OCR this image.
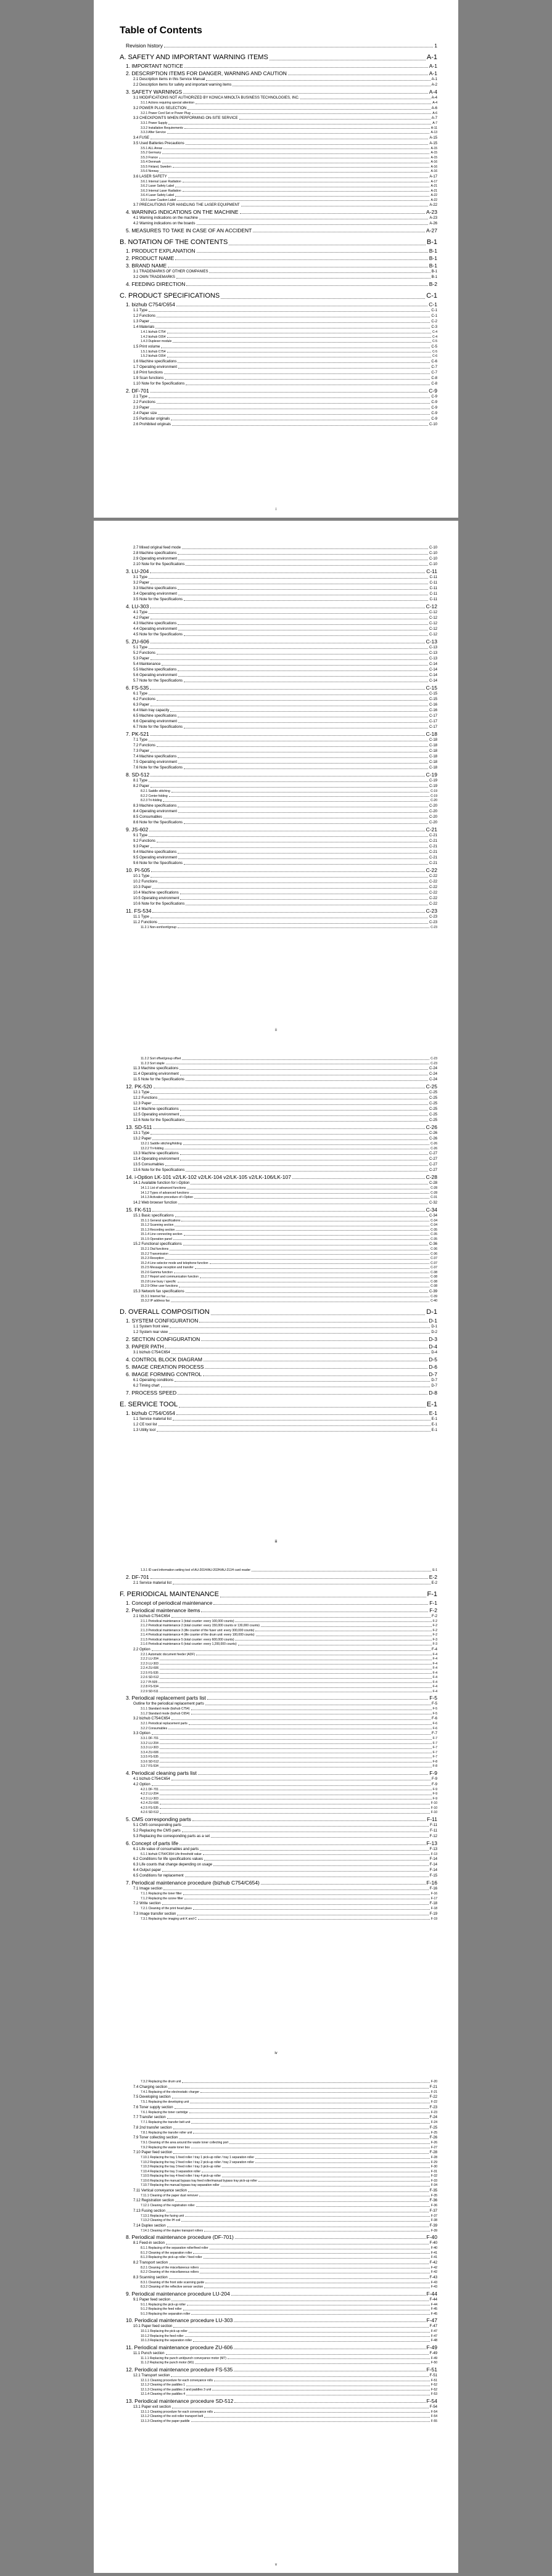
Table of Contents
Revision history	1
A. SAFETY AND IMPORTANT WARNING ITEMS	A-1
1. IMPORTANT NOTICE	A-1
2. DESCRIPTION ITEMS FOR DANGER, WARNING AND CAUTION	A-1
2.1 Description items in this Service Manual	A-1
2.2 Description items for safety and important warning items	A-2
3. SAFETY WARNINGS	A-4
3.1 MODIFICATIONS NOT AUTHORIZED BY KONICA MINOLTA BUSINESS TECHNOLOGIES, INC.	A-4
3.1.1 Actions requiring special attention	A-4
3.2 POWER PLUG SELECTION	A-6
3.2.1 Power Cord Set or Power Plug	A-6
3.3 CHECKPOINTS WHEN PERFORMING ON-SITE SERVICE	A-7
3.3.1 Power Supply	A-7
3.3.2 Installation Requirements	A-11
3.3.3 After Service	A-13
3.4 FUSE	A-15
3.5 Used Batteries Precautions	A-15
3.5.1 ALL Areas	A-15
3.5.2 Germany	A-15
3.5.3 France	A-15
3.5.4 Denmark	A-16
3.5.5 Finland, Sweden	A-16
3.5.6 Norway	A-16
3.6 LASER SAFETY	A-17
3.6.1 Internal Laser Radiation	A-17
3.6.2 Laser Safety Label	A-21
3.6.3 Internal Laser Radiation	A-21
3.6.4 Laser Safety Label	A-22
3.6.5 Laser Caution Label	A-22
3.7 PRECAUTIONS FOR HANDLING THE LASER EQUIPMENT	A-22
4. WARNING INDICATIONS ON THE MACHINE	A-23
4.1 Warning indications on the machine	A-23
4.2 Warning indications on the boards	A-26
5. MEASURES TO TAKE IN CASE OF AN ACCIDENT	A-27
B. NOTATION OF THE CONTENTS	B-1
1. PRODUCT EXPLANATION	B-1
2. PRODUCT NAME	B-1
3. BRAND NAME	B-1
3.1 TRADEMARKS OF OTHER COMPANIES	B-1
3.2 OWN TRADEMARKS	B-1
4. FEEDING DIRECTION	B-2
C. PRODUCT SPECIFICATIONS	C-1
1. bizhub C754/C654	C-1
1.1 Type	C-1
1.2 Functions	C-1
1.3 Paper	C-2
1.4 Materials	C-3
1.4.1 bizhub C754	C-4
1.4.2 bizhub C654	C-4
1.4.3 Duplexer module	C-5
1.5 Print volume	C-5
1.5.1 bizhub C754	C-5
1.5.2 bizhub C654	C-6
1.6 Machine specifications	C-6
1.7 Operating environment	C-7
1.8 Print functions	C-7
1.9 Scan functions	C-8
1.10 Note for the Specifications	C-8
2. DF-701	C-9
2.1 Type	C-9
2.2 Functions	C-9
2.3 Paper	C-9
2.4 Paper size	C-9
2.5 Particular originals	C-9
2.6 Prohibited originals	C-10
i
2.7 Mixed original feed mode	C-10
2.8 Machine specifications	C-10
2.9 Operating environment	C-10
2.10 Note for the Specifications	C-10
3. LU-204	C-11
3.1 Type	C-11
3.2 Paper	C-11
3.3 Machine specifications	C-11
3.4 Operating environment	C-11
3.5 Note for the Specifications	C-11
4. LU-303	C-12
4.1 Type	C-12
4.2 Paper	C-12
4.3 Machine specifications	C-12
4.4 Operating environment	C-12
4.5 Note for the Specifications	C-12
5. ZU-606	C-13
5.1 Type	C-13
5.2 Functions	C-13
5.3 Paper	C-13
5.4 Maintenance	C-14
5.5 Machine specifications	C-14
5.6 Operating environment	C-14
5.7 Note for the Specifications	C-14
6. FS-535	C-15
6.1 Type	C-15
6.2 Functions	C-15
6.3 Paper	C-16
6.4 Main tray capacity	C-16
6.5 Machine specifications	C-17
6.6 Operating environment	C-17
6.7 Note for the Specifications	C-17
7. PK-521	C-18
7.1 Type	C-18
7.2 Functions	C-18
7.3 Paper	C-18
7.4 Machine specifications	C-18
7.5 Operating environment	C-18
7.6 Note for the Specifications	C-18
8. SD-512	C-19
8.1 Type	C-19
8.2 Paper	C-19
8.2.1 Saddle stitching	C-19
8.2.2 Center folding	C-19
8.2.3 Tri-folding	C-20
8.3 Machine specifications	C-20
8.4 Operating environment	C-20
8.5 Consumables	C-20
8.6 Note for the Specifications	C-20
9. JS-602	C-21
9.1 Type	C-21
9.2 Functions	C-21
9.3 Paper	C-21
9.4 Machine specifications	C-21
9.5 Operating environment	C-21
9.6 Note for the Specifications	C-21
10. PI-505	C-22
10.1 Type	C-22
10.2 Functions	C-22
10.3 Paper	C-22
10.4 Machine specifications	C-22
10.5 Operating environment	C-22
10.6 Note for the Specifications	C-22
11. FS-534	C-23
11.1 Type	C-23
11.2 Functions	C-23
11.2.1 Non-sort/sort/group	C-23
ii
11.2.2 Sort offset/group offset	C-23
11.2.3 Sort staple	C-23
11.3 Machine specifications	C-24
11.4 Operating environment	C-24
11.5 Note for the Specifications	C-24
12. PK-520	C-25
12.1 Type	C-25
12.2 Functions	C-25
12.3 Paper	C-25
12.4 Machine specifications	C-25
12.5 Operating environment	C-25
12.6 Note for the Specifications	C-25
13. SD-511	C-26
13.1 Type	C-26
13.2 Paper	C-26
13.2.1 Saddle stitching/folding	C-26
13.2.2 Tri-folding	C-26
13.3 Machine specifications	C-27
13.4 Operating environment	C-27
13.5 Consumables	C-27
13.6 Note for the Specifications	C-27
14. i-Option LK-101 v2/LK-102 v2/LK-104 v2/LK-105 v2/LK-106/LK-107	C-28
14.1 Available function for i-Option	C-28
14.1.1 List of advanced functions	C-28
14.1.2 Types of advanced functions	C-28
14.1.3 Activation procedure of i-Option	C-31
14.2 Web browser function	C-32
15. FK-511	C-34
15.1 Basic specifications	C-34
15.1.1 General specifications	C-34
15.1.2 Scanning section	C-34
15.1.3 Recording section	C-35
15.1.4 Line connecting section	C-35
15.1.5 Operation panel	C-35
15.2 Functional specifications	C-36
15.2.1 Dial functions	C-36
15.2.2 Transmission	C-36
15.2.3 Reception	C-37
15.2.4 Line selector mode and telephone function	C-37
15.2.5 Message reception and transfer	C-37
15.2.6 Gamma function	C-38
15.2.7 Report and communication function	C-38
15.2.8 Line busy / specific	C-38
15.2.9 Other user functions	C-38
15.3 Network fax specifications	C-39
15.3.1 Internet fax	C-39
15.3.2 IP address fax	C-40
D. OVERALL COMPOSITION	D-1
1. SYSTEM CONFIGURATION	D-1
1.1 System front view	D-1
1.2 System rear view	D-2
2. SECTION CONFIGURATION	D-3
3. PAPER PATH	D-4
3.1 bizhub C754/C654	D-4
4. CONTROL BLOCK DIAGRAM	D-5
5. IMAGE CREATION PROCESS	D-6
6. IMAGE FORMING CONTROL	D-7
6.1 Operating conditions	D-7
6.2 Timing chart	D-7
7. PROCESS SPEED	D-8
E. SERVICE TOOL	E-1
1. bizhub C754/C654	E-1
1.1 Service material list	E-1
1.2 CE tool list	E-1
1.3 Utility tool	E-1
iii
1.3.1 ID card information setting tool of AU-201H/AU-202H/AU-211H card reader	E-1
2. DF-701	E-2
2.1 Service material list	E-2
F. PERIODICAL MAINTENANCE	F-1
1. Concept of periodical maintenance	F-1
2. Periodical maintenance items	F-2
2.1 bizhub C754/C654	F-2
2.1.1 Periodical maintenance 1 (total counter: every 100,000 counts)	F-2
2.1.2 Periodical maintenance 2 (total counter: every 150,000 counts or 130,000 counts)	F-2
2.1.3 Periodical maintenance 3 (life counter of the fuser unit: every 300,000 counts)	F-2
2.1.4 Periodical maintenance 4 (life counter of the drum unit: every 100,000 counts)	F-2
2.1.5 Periodical maintenance 5 (total counter: every 600,000 counts)	F-3
2.1.6 Periodical maintenance 6 (total counter: every 1,200,000 counts)	F-3
2.2 Option	F-4
2.2.1 Automatic document feeder (ADF)	F-4
2.2.2 LU-204	F-4
2.2.3 LU-303	F-4
2.2.4 ZU-606	F-4
2.2.5 FS-535	F-4
2.2.6 SD-512	F-4
2.2.7 PI-505	F-4
2.2.8 FS-534	F-4
2.2.9 SD-511	F-4
3. Periodical replacement parts list	F-5
Outline for the periodical replacement parts	F-5
3.1.1 Standard mode (bizhub C754)	F-5
3.1.2 Standard mode (bizhub C654)	F-5
3.2 bizhub C754/C654	F-6
3.2.1 Periodical replacement parts	F-6
3.2.2 Consumables	F-6
3.3 Option	F-7
3.3.1 DF-701	F-7
3.3.2 LU-204	F-7
3.3.3 LU-303	F-7
3.3.4 ZU-606	F-7
3.3.5 FS-535	F-7
3.3.6 SD-512	F-8
3.3.7 FS-534	F-8
4. Periodical cleaning parts list	F-9
4.1 bizhub C754/C654	F-9
4.2 Option	F-9
4.2.1 DF-701	F-9
4.2.2 LU-204	F-9
4.2.3 LU-303	F-9
4.2.4 ZU-606	F-10
4.2.5 FS-535	F-10
4.2.6 SD-512	F-10
5. CMS corresponding parts	F-11
5.1 CMS corresponding parts	F-11
5.2 Replacing the CMS parts	F-11
5.3 Replacing the corresponding parts as a set	F-12
6. Concept of parts life	F-13
6.1 Life value of consumables and parts	F-13
6.1.1 bizhub C754/C654 Life threshold value	F-13
6.2 Conditions for life specifications values	F-14
6.3 Life counts that change depending on usage	F-14
6.4 Output paper	F-14
6.5 Conditions for replacement	F-15
7. Periodical maintenance procedure (bizhub C754/C654)	F-16
7.1 Image section	F-16
7.1.1 Replacing the toner filter	F-16
7.1.2 Replacing the ozone filter	F-17
7.2 Write section	F-18
7.2.1 Cleaning of the print head glass	F-18
7.3 Image transfer section	F-19
7.3.1 Replacing the imaging unit K and C	F-19
iv
7.3.2 Replacing the drum unit	F-20
7.4 Charging section	F-21
7.4.1 Replacing of the electrostatic charger	F-21
7.5 Developing section	F-22
7.5.1 Replacing the developing unit	F-22
7.6 Toner supply section	F-23
7.6.1 Replacing the toner cartridge	F-23
7.7 Transfer section	F-24
7.7.1 Replacing the transfer belt unit	F-24
7.8 2nd transfer section	F-25
7.8.1 Replacing the transfer roller unit	F-25
7.9 Toner collecting section	F-26
7.9.1 Cleaning of the area around the waste toner collecting port	F-26
7.9.2 Replacing the waste toner box	F-27
7.10 Paper feed section	F-28
7.10.1 Replacing the tray 1 feed roller / tray 1 pick-up roller / tray 1 separation roller	F-28
7.10.2 Replacing the tray 2 feed roller / tray 2 pick-up roller / tray 2 separation roller	F-29
7.10.3 Replacing the tray 3 feed roller / tray 3 pick-up roller	F-30
7.10.4 Replacing the tray 3 separation roller	F-31
7.10.5 Replacing the tray 4 feed roller / tray 4 pick-up roller	F-32
7.10.6 Replacing the manual bypass tray feed roller/manual bypass tray pick-up roller	F-33
7.10.7 Replacing the manual bypass tray separation roller	F-34
7.11 Vertical conveyance section	F-35
7.11.1 Cleaning of the paper dust remover	F-35
7.12 Registration section	F-36
7.12.1 Cleaning of the registration roller	F-36
7.13 Fusing section	F-37
7.13.1 Replacing the fusing unit	F-37
7.13.2 Cleaning of the IH coil	F-38
7.14 Duplex section	F-39
7.14.1 Cleaning of the duplex transport rollers	F-39
8. Periodical maintenance procedure (DF-701)	F-40
8.1 Feed-in section	F-40
8.1.1 Replacing of the separation roller/feed roller	F-40
8.1.2 Cleaning of the separation roller	F-41
8.1.3 Replacing the pick-up roller / feed roller	F-41
8.2 Transport section	F-42
8.2.1 Cleaning of the miscellaneous rollers	F-42
8.2.2 Cleaning of the miscellaneous rollers	F-42
8.3 Scanning section	F-43
8.3.1 Cleaning of the front side scanning guide	F-43
8.3.2 Cleaning of the reflective sensor section	F-43
9. Periodical maintenance procedure LU-204	F-44
9.1 Paper feed section	F-44
9.1.1 Replacing the pick-up roller	F-44
9.1.2 Replacing the feed roller	F-45
9.1.3 Replacing the separation roller	F-45
10. Periodical maintenance procedure LU-303	F-47
10.1 Paper feed section	F-47
10.1.1 Replacing the pick-up roller	F-47
10.1.2 Replacing the feed roller	F-47
10.1.3 Replacing the separation roller	F-48
11. Periodical maintenance procedure ZU-606	F-49
11.1 Punch section	F-49
11.1.1 Replacing the punch unit/punch conveyance motor (M7)	F-49
11.1.2 Replacing the punch motor (M1)	F-50
12. Periodical maintenance procedure FS-535	F-51
12.1 Transport section	F-51
12.1.1 Cleaning procedure for each conveyance rolls	F-51
12.1.2 Cleaning of the paddles 1	F-52
12.1.3 Cleaning of the paddles 2 and paddles 3 unit	F-52
12.1.4 Cleaning of the paddles 4	F-53
13. Periodical maintenance procedure SD-512	F-54
13.1 Paper exit section	F-54
13.1.1 Cleaning procedure for each conveyance rolls	F-54
13.1.2 Cleaning of the exit roller transport belt	F-54
13.1.3 Cleaning of the paper paddle	F-55
v
